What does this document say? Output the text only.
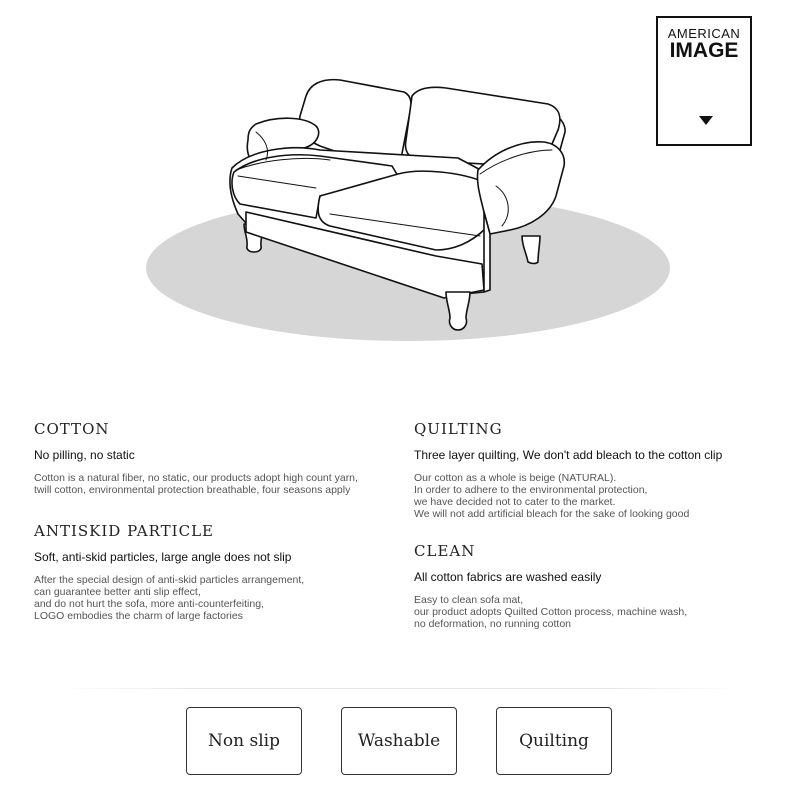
AMERICAN
IMAGE
COTTON
No pilling, no static
Cotton is a natural fiber, no static, our products adopt high count yarn,
twill cotton, environmental protection breathable, four seasons apply
ANTISKID PARTICLE
Soft, anti-skid particles, large angle does not slip
After the special design of anti-skid particles arrangement,
can guarantee better anti slip effect,
and do not hurt the sofa, more anti-counterfeiting,
LOGO embodies the charm of large factories
QUILTING
Three layer quilting, We don't add bleach to the cotton clip
Our cotton as a whole is beige (NATURAL).
In order to adhere to the environmental protection,
we have decided not to cater to the market.
We will not add artificial bleach for the sake of looking good
CLEAN
All cotton fabrics are washed easily
Easy to clean sofa mat,
our product adopts Quilted Cotton process, machine wash,
no deformation, no running cotton
Non slip	Washable	Quilting
